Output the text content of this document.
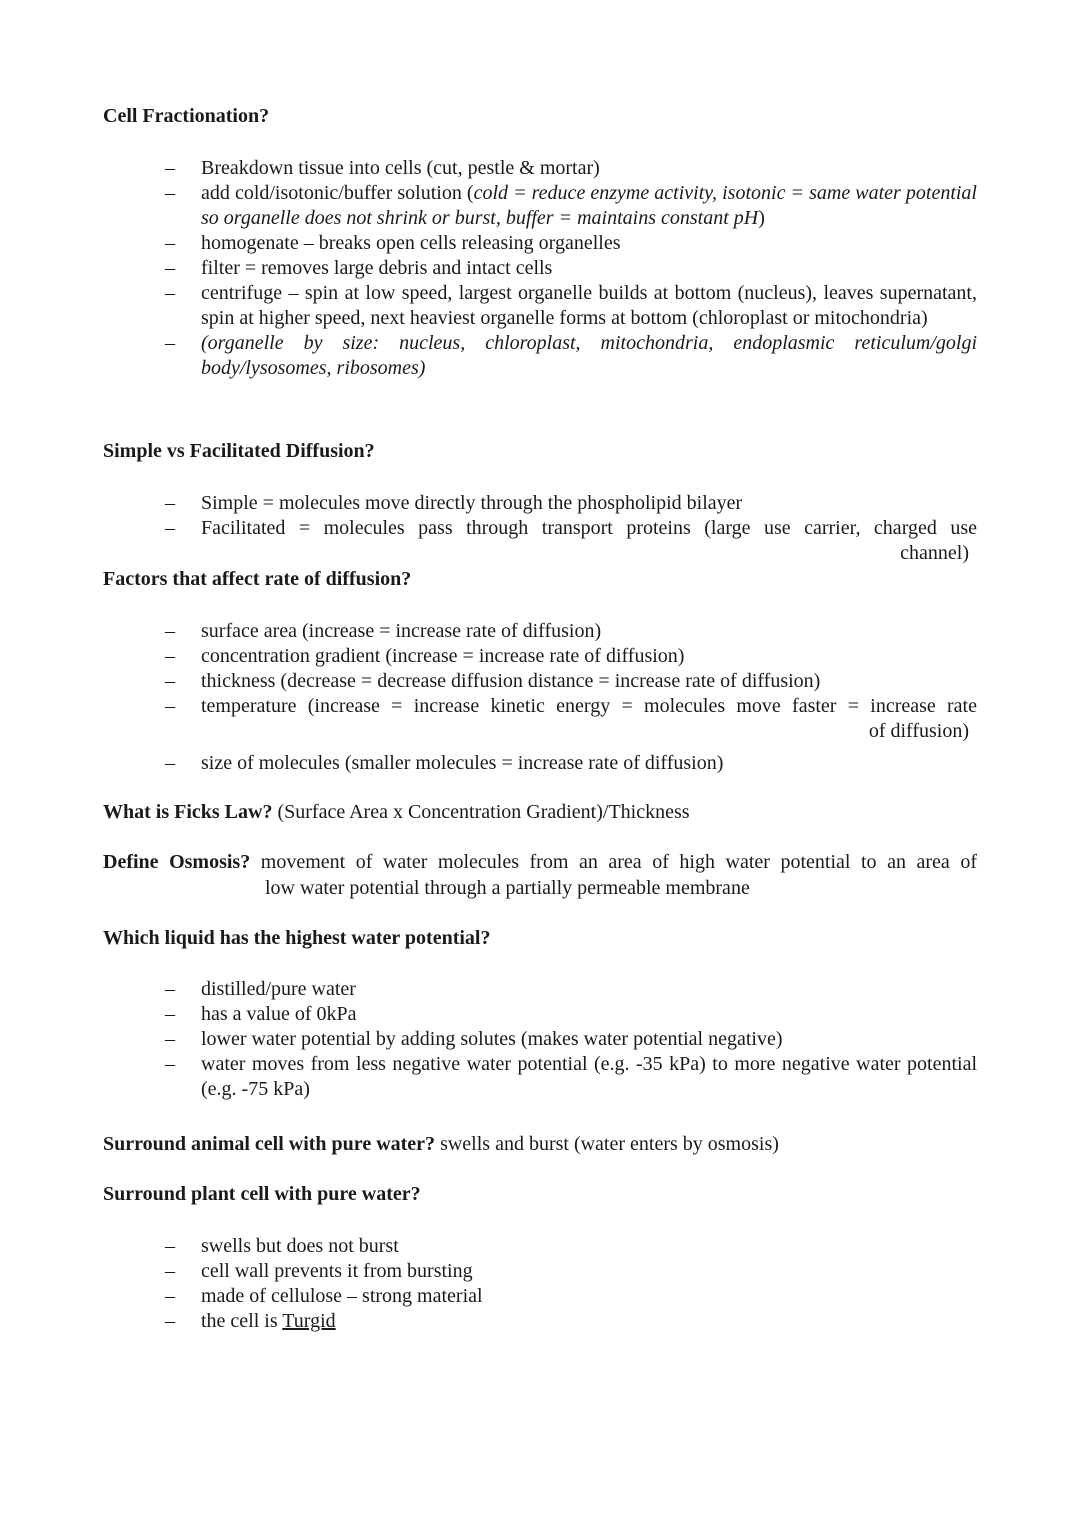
Cell Fractionation?
– Breakdown tissue into cells (cut, pestle & mortar)
– add cold/isotonic/buffer solution (cold = reduce enzyme activity, isotonic = same water potential so organelle does not shrink or burst, buffer = maintains constant pH)
– homogenate – breaks open cells releasing organelles
– filter = removes large debris and intact cells
– centrifuge – spin at low speed, largest organelle builds at bottom (nucleus), leaves supernatant, spin at higher speed, next heaviest organelle forms at bottom (chloroplast or mitochondria)
– (organelle by size: nucleus, chloroplast, mitochondria, endoplasmic reticulum/golgi body/lysosomes, ribosomes)
Simple vs Facilitated Diffusion?
– Simple = molecules move directly through the phospholipid bilayer
– Facilitated = molecules pass through transport proteins (large use carrier, charged use
channel)
Factors that affect rate of diffusion?
– surface area (increase = increase rate of diffusion)
– concentration gradient (increase = increase rate of diffusion)
– thickness (decrease = decrease diffusion distance = increase rate of diffusion)
– temperature (increase = increase kinetic energy = molecules move faster = increase rate
of diffusion)
– size of molecules (smaller molecules = increase rate of diffusion)
What is Ficks Law? (Surface Area x Concentration Gradient)/Thickness
Define Osmosis? movement of water molecules from an area of high water potential to an area of
low water potential through a partially permeable membrane
Which liquid has the highest water potential?
– distilled/pure water
– has a value of 0kPa
– lower water potential by adding solutes (makes water potential negative)
– water moves from less negative water potential (e.g. -35 kPa) to more negative water potential (e.g. -75 kPa)
Surround animal cell with pure water? swells and burst (water enters by osmosis)
Surround plant cell with pure water?
– swells but does not burst
– cell wall prevents it from bursting
– made of cellulose – strong material
– the cell is Turgid
